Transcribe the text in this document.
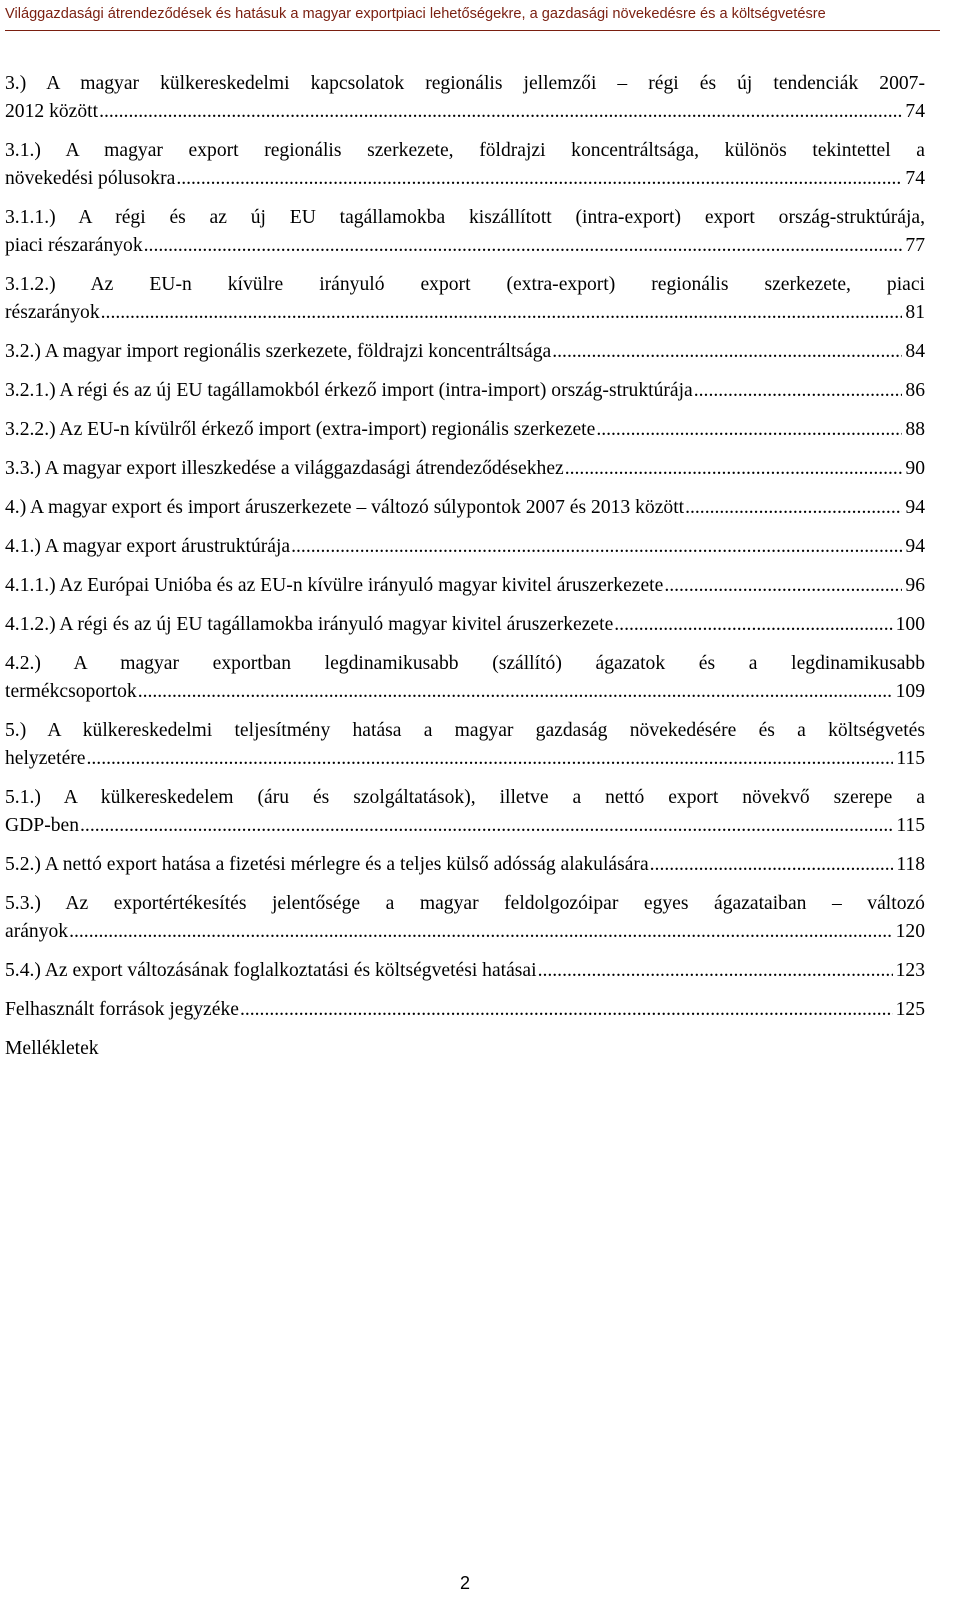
Világgazdasági átrendeződések és hatásuk a magyar exportpiaci lehetőségekre, a gazdasági növekedésre és a költségvetésre
3.) A magyar külkereskedelmi kapcsolatok regionális jellemzői – régi és új tendenciák 2007-
2012 között .....	74
3.1.) A magyar export regionális szerkezete, földrajzi koncentráltsága, különös tekintettel a
növekedési pólusokra .....	74
3.1.1.) A régi és az új EU tagállamokba kiszállított (intra-export) export ország-struktúrája,
piaci részarányok .....	77
3.1.2.) Az EU-n kívülre irányuló export (extra-export) regionális szerkezete, piaci
részarányok .....	81
3.2.) A magyar import regionális szerkezete, földrajzi koncentráltsága .....	84
3.2.1.) A régi és az új EU tagállamokból érkező import (intra-import) ország-struktúrája .....	86
3.2.2.) Az EU-n kívülről érkező import (extra-import) regionális szerkezete .....	88
3.3.) A magyar export illeszkedése a világgazdasági átrendeződésekhez .....	90
4.) A magyar export és import áruszerkezete – változó súlypontok 2007 és 2013 között .....	94
4.1.) A magyar export árustruktúrája .....	94
4.1.1.) Az Európai Unióba és az EU-n kívülre irányuló magyar kivitel áruszerkezete .....	96
4.1.2.) A régi és az új EU tagállamokba irányuló magyar kivitel áruszerkezete .....	100
4.2.) A magyar exportban legdinamikusabb (szállító) ágazatok és a legdinamikusabb
termékcsoportok .....	109
5.) A külkereskedelmi teljesítmény hatása a magyar gazdaság növekedésére és a költségvetés
helyzetére .....	115
5.1.) A külkereskedelem (áru és szolgáltatások), illetve a nettó export növekvő szerepe a
GDP-ben .....	115
5.2.) A nettó export hatása a fizetési mérlegre és a teljes külső adósság alakulására .....	118
5.3.) Az exportértékesítés jelentősége a magyar feldolgozóipar egyes ágazataiban – változó
arányok .....	120
5.4.) Az export változásának foglalkoztatási és költségvetési hatásai .....	123
Felhasznált források jegyzéke .....	125
Mellékletek
2
